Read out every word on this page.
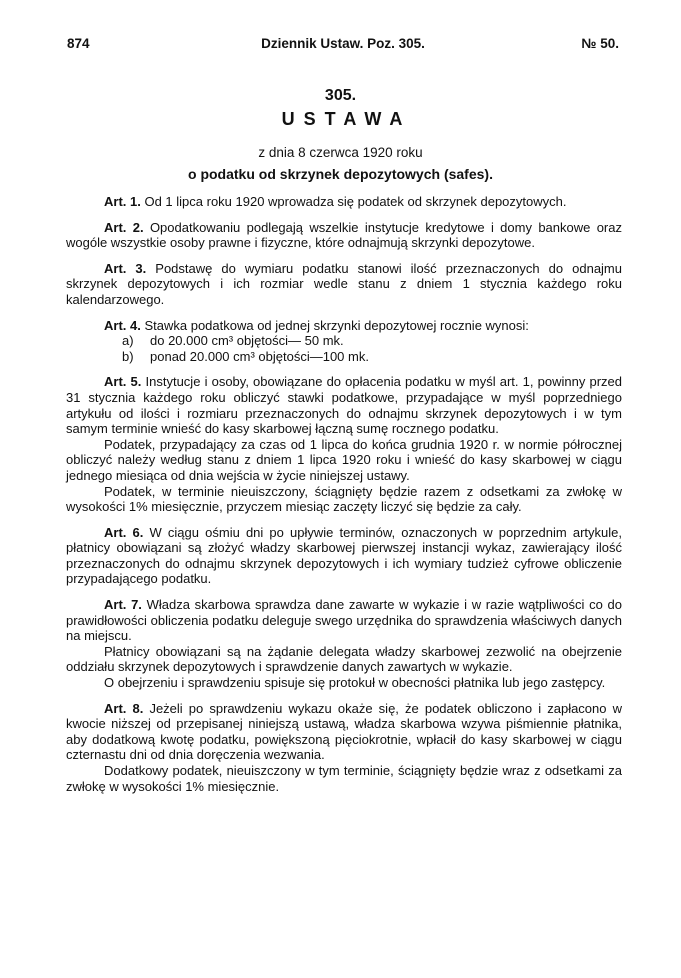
874	Dziennik Ustaw. Poz. 305.	№ 50.
305.
USTAWA
z dnia 8 czerwca 1920 roku
o podatku od skrzynek depozytowych (safes).

Art. 1. Od 1 lipca roku 1920 wprowadza się podatek od skrzynek depozytowych.

Art. 2. Opodatkowaniu podlegają wszelkie instytucje kredytowe i domy bankowe oraz wogóle wszystkie osoby prawne i fizyczne, które odnajmują skrzynki depozytowe.

Art. 3. Podstawę do wymiaru podatku stanowi ilość przeznaczonych do odnajmu skrzynek depozytowych i ich rozmiar wedle stanu z dniem 1 stycznia każdego roku kalendarzowego.

Art. 4. Stawka podatkowa od jednej skrzynki depozytowej rocznie wynosi:

a) do 20.000 cm³ objętości— 50 mk.
b) ponad 20.000 cm³ objętości—100 mk.

Art. 5. Instytucje i osoby, obowiązane do opłacenia podatku w myśl art. 1, powinny przed 31 stycznia każdego roku obliczyć stawki podatkowe, przypadające w myśl poprzedniego artykułu od ilości i rozmiaru przeznaczonych do odnajmu skrzynek depozytowych i w tym samym terminie wnieść do kasy skarbowej łączną sumę rocznego podatku.

Podatek, przypadający za czas od 1 lipca do końca grudnia 1920 r. w normie półrocznej obliczyć należy według stanu z dniem 1 lipca 1920 roku i wnieść do kasy skarbowej w ciągu jednego miesiąca od dnia wejścia w życie niniejszej ustawy.

Podatek, w terminie nieuiszczony, ściągnięty będzie razem z odsetkami za zwłokę w wysokości 1% miesięcznie, przyczem miesiąc zaczęty liczyć się będzie za cały.

Art. 6. W ciągu ośmiu dni po upływie terminów, oznaczonych w poprzednim artykule, płatnicy obowiązani są złożyć władzy skarbowej pierwszej instancji wykaz, zawierający ilość przeznaczonych do odnajmu skrzynek depozytowych i ich wymiary tudzież cyfrowe obliczenie przypadającego podatku.

Art. 7. Władza skarbowa sprawdza dane zawarte w wykazie i w razie wątpliwości co do prawidłowości obliczenia podatku deleguje swego urzędnika do sprawdzenia właściwych danych na miejscu.

Płatnicy obowiązani są na żądanie delegata władzy skarbowej zezwolić na obejrzenie oddziału skrzynek depozytowych i sprawdzenie danych zawartych w wykazie.

O obejrzeniu i sprawdzeniu spisuje się protokuł w obecności płatnika lub jego zastępcy.

Art. 8. Jeżeli po sprawdzeniu wykazu okaże się, że podatek obliczono i zapłacono w kwocie niższej od przepisanej niniejszą ustawą, władza skarbowa wzywa piśmiennie płatnika, aby dodatkową kwotę podatku, powiększoną pięciokrotnie, wpłacił do kasy skarbowej w ciągu czternastu dni od dnia doręczenia wezwania.

Dodatkowy podatek, nieuiszczony w tym terminie, ściągnięty będzie wraz z odsetkami za zwłokę w wysokości 1% miesięcznie.
